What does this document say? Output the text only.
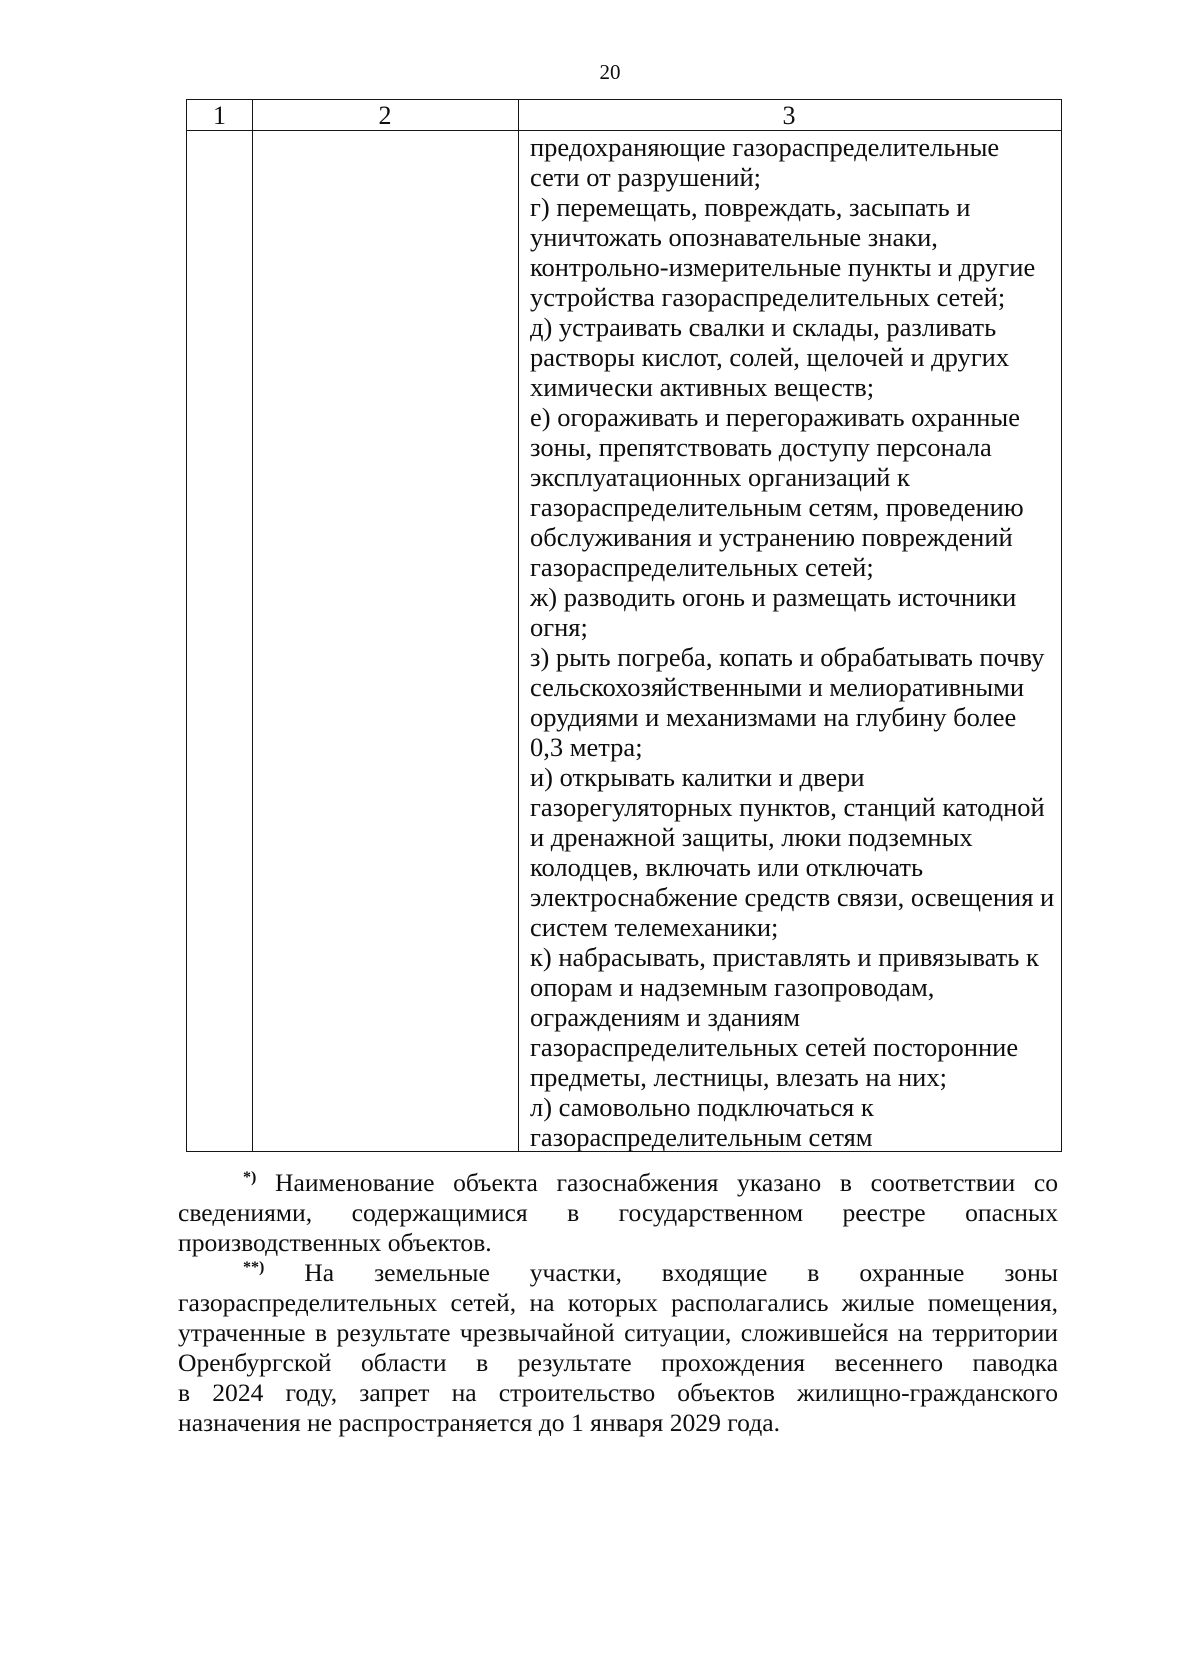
20
1	2	3
предохраняющие газораспределительные
сети от разрушений;
г) перемещать, повреждать, засыпать и
уничтожать опознавательные знаки,
контрольно-измерительные пункты и другие
устройства газораспределительных сетей;
д) устраивать свалки и склады, разливать
растворы кислот, солей, щелочей и других
химически активных веществ;
е) огораживать и перегораживать охранные
зоны, препятствовать доступу персонала
эксплуатационных организаций к
газораспределительным сетям, проведению
обслуживания и устранению повреждений
газораспределительных сетей;
ж) разводить огонь и размещать источники
огня;
з) рыть погреба, копать и обрабатывать почву
сельскохозяйственными и мелиоративными
орудиями и механизмами на глубину более
0,3 метра;
и) открывать калитки и двери
газорегуляторных пунктов, станций катодной
и дренажной защиты, люки подземных
колодцев, включать или отключать
электроснабжение средств связи, освещения и
систем телемеханики;
к) набрасывать, приставлять и привязывать к
опорам и надземным газопроводам,
ограждениям и зданиям
газораспределительных сетей посторонние
предметы, лестницы, влезать на них;
л) самовольно подключаться к
газораспределительным сетям
*) Наименование объекта газоснабжения указано в соответствии со
сведениями, содержащимися в государственном реестре опасных
производственных объектов.
**) На земельные участки, входящие в охранные зоны
газораспределительных сетей, на которых располагались жилые помещения,
утраченные в результате чрезвычайной ситуации, сложившейся на территории
Оренбургской области в результате прохождения весеннего паводка
в 2024 году, запрет на строительство объектов жилищно-гражданского
назначения не распространяется до 1 января 2029 года.
